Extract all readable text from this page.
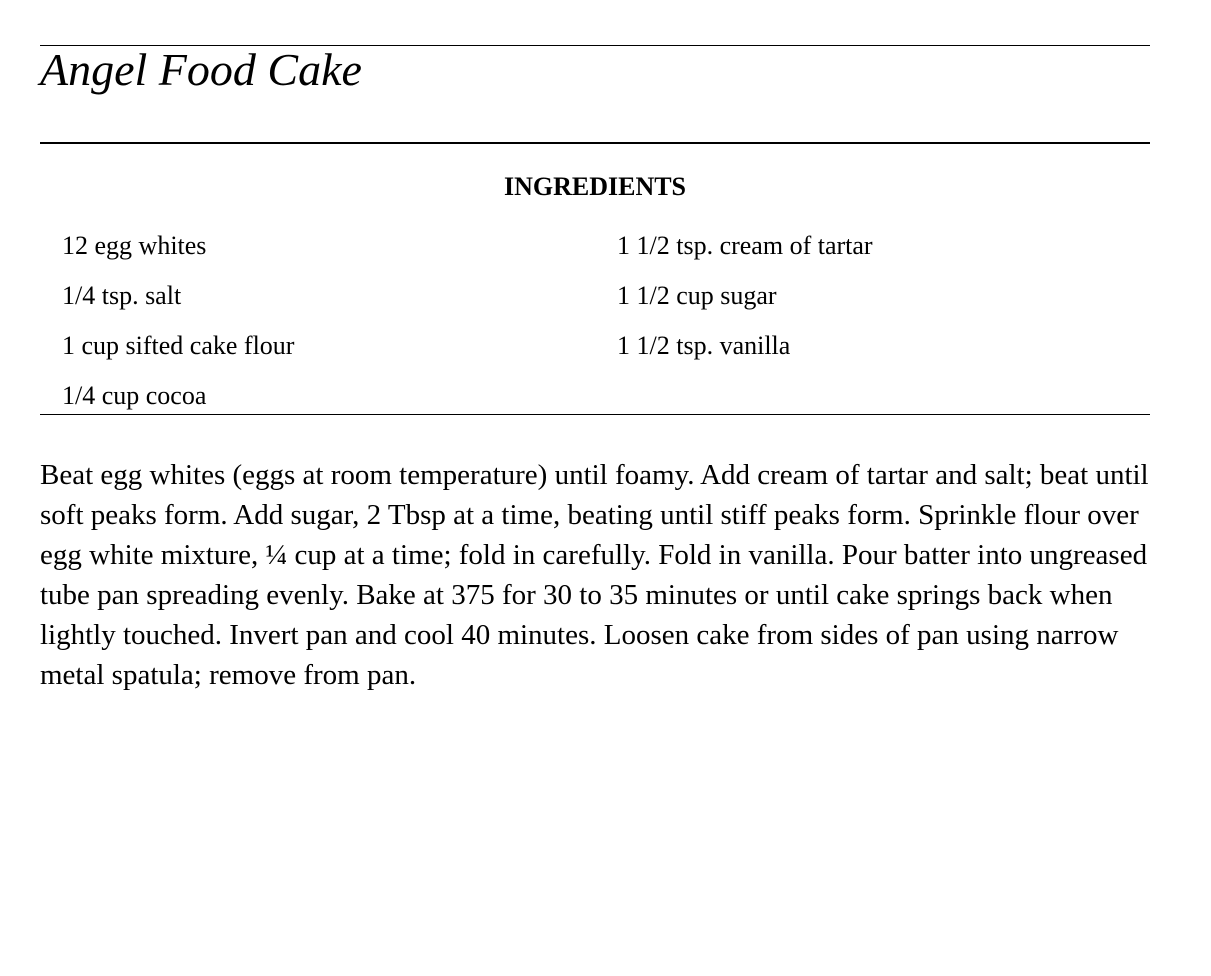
Angel Food Cake
INGREDIENTS
12 egg whites
1/4 tsp. salt
1 cup sifted cake flour
1/4 cup cocoa
1 1/2 tsp. cream of tartar
1 1/2 cup sugar
1 1/2 tsp. vanilla

Beat egg whites (eggs at room temperature) until foamy. Add cream of tartar and salt; beat until soft peaks form. Add sugar, 2 Tbsp at a time, beating until stiff peaks form. Sprinkle flour over egg white mixture, ¼ cup at a time; fold in carefully. Fold in vanilla. Pour batter into ungreased tube pan spreading evenly. Bake at 375 for 30 to 35 minutes or until cake springs back when lightly touched. Invert pan and cool 40 minutes. Loosen cake from sides of pan using narrow metal spatula; remove from pan.
